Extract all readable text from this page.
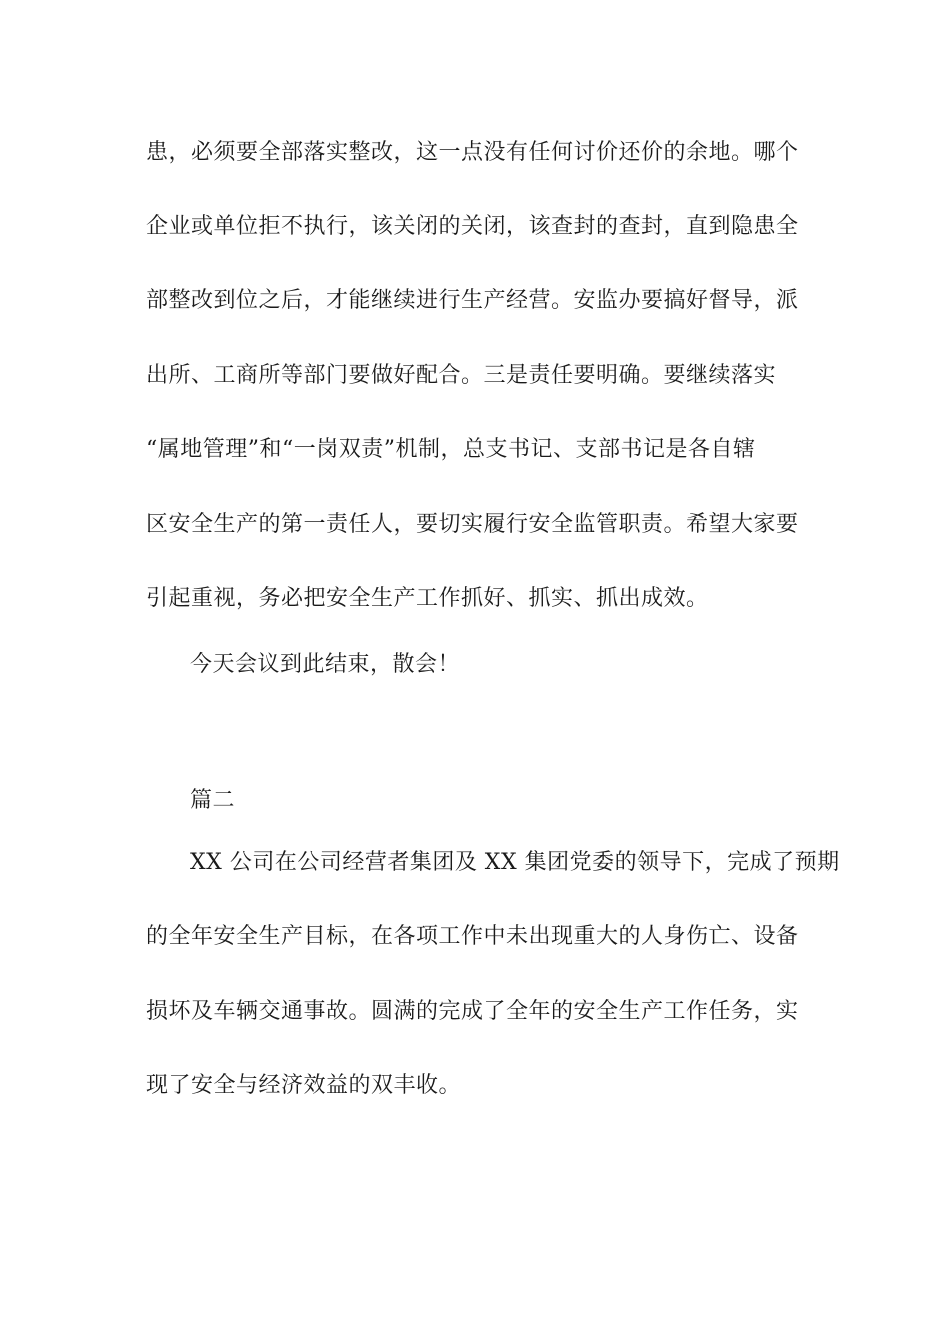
患，必须要全部落实整改，这一点没有任何讨价还价的余地。哪个
企业或单位拒不执行，该关闭的关闭，该查封的查封，直到隐患全
部整改到位之后，才能继续进行生产经营。安监办要搞好督导，派
出所、工商所等部门要做好配合。三是责任要明确。要继续落实
“属地管理”和“一岗双责”机制，总支书记、支部书记是各自辖
区安全生产的第一责任人，要切实履行安全监管职责。希望大家要
引起重视，务必把安全生产工作抓好、抓实、抓出成效。
今天会议到此结束，散会！
篇二
XX 公司在公司经营者集团及 XX 集团党委的领导下，完成了预期
的全年安全生产目标，在各项工作中未出现重大的人身伤亡、设备
损坏及车辆交通事故。圆满的完成了全年的安全生产工作任务，实
现了安全与经济效益的双丰收。
